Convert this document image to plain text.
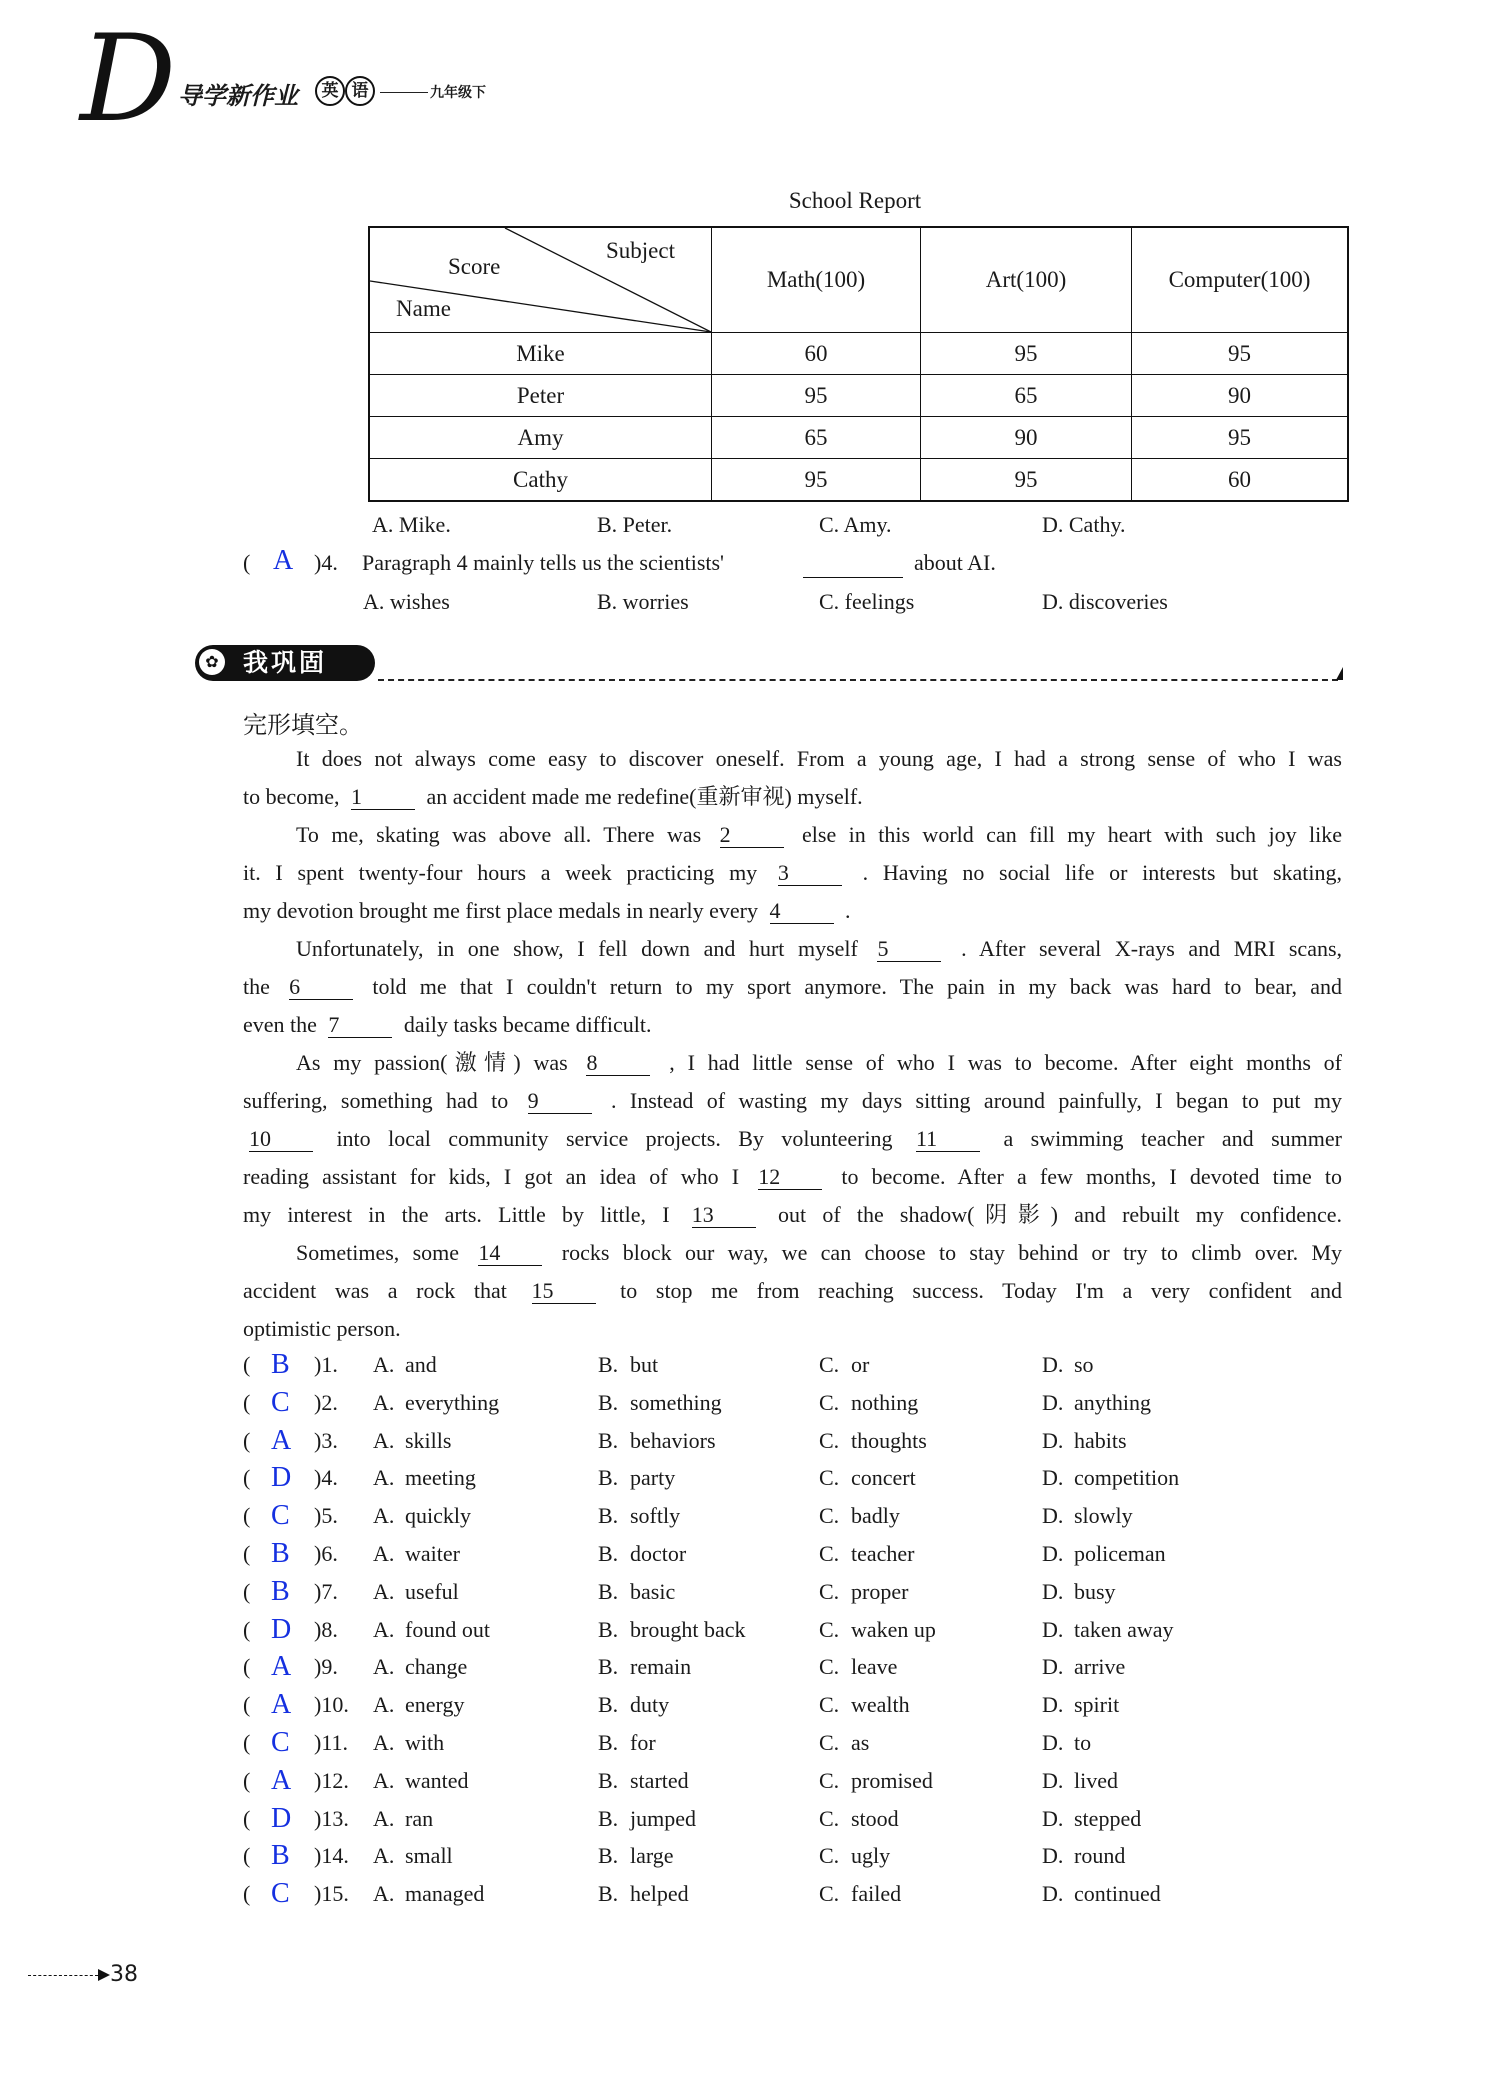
D 导学新作业	英 语	九年级下
School Report
Subject
Score
Name	Math(100)	Art(100)	Computer(100)
Mike	60	95	95
Peter	95	65	90
Amy	65	90	95
Cathy	95	95	60
A. Mike.	B. Peter.	C. Amy.	D. Cathy.
( A )4. Paragraph 4 mainly tells us the scientists'	about AI.
A. wishes	B. worries	C. feelings	D. discoveries
✿ 我巩固
完形填空。
It does not always come easy to discover oneself. From a young age, I had a strong sense of who I was
to become, 1	an accident made me redefine(重新审视) myself.
To me, skating was above all. There was 2	else in this world can fill my heart with such joy like
it. I spent twenty-four hours a week practicing my 3	. Having no social life or interests but skating,
my devotion brought me first place medals in nearly every 4	.
Unfortunately, in one show, I fell down and hurt myself 5	. After several X-rays and MRI scans,
the 6	told me that I couldn't return to my sport anymore. The pain in my back was hard to bear, and
even the 7	daily tasks became difficult.
As my passion(激情) was 8	, I had little sense of who I was to become. After eight months of
suffering, something had to 9	. Instead of wasting my days sitting around painfully, I began to put my
10	into local community service projects. By volunteering 11	a swimming teacher and summer
reading assistant for kids, I got an idea of who I 12	to become. After a few months, I devoted time to
my interest in the arts. Little by little, I 13	out of the shadow(阴影) and rebuilt my confidence.
Sometimes, some 14	rocks block our way, we can choose to stay behind or try to climb over. My
accident was a rock that 15	to stop me from reaching success. Today I'm a very confident and
optimistic person.
( B )1. A. and	B. but	C. or	D. so
( C )2. A. everything	B. something	C. nothing	D. anything
( A )3. A. skills	B. behaviors	C. thoughts	D. habits
( D )4. A. meeting	B. party	C. concert	D. competition
( C )5. A. quickly	B. softly	C. badly	D. slowly
( B )6. A. waiter	B. doctor	C. teacher	D. policeman
( B )7. A. useful	B. basic	C. proper	D. busy
( D )8. A. found out	B. brought back	C. waken up	D. taken away
( A )9. A. change	B. remain	C. leave	D. arrive
( A )10. A. energy	B. duty	C. wealth	D. spirit
( C )11. A. with	B. for	C. as	D. to
( A )12. A. wanted	B. started	C. promised	D. lived
( D )13. A. ran	B. jumped	C. stood	D. stepped
( B )14. A. small	B. large	C. ugly	D. round
( C )15. A. managed	B. helped	C. failed	D. continued
38
